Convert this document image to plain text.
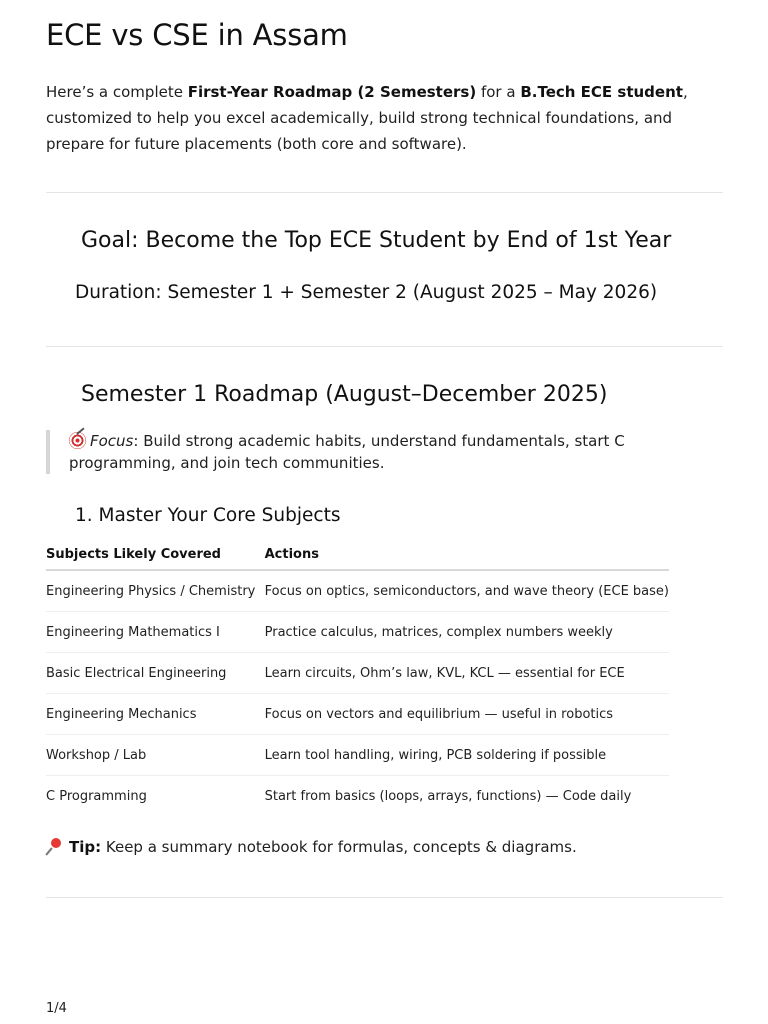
ECE vs CSE in Assam

Here’s a complete First-Year Roadmap (2 Semesters) for a B.Tech ECE student, customized to help you excel academically, build strong technical foundations, and prepare for future placements (both core and software).

Goal: Become the Top ECE Student by End of 1st Year
Duration: Semester 1 + Semester 2 (August 2025 – May 2026)
Semester 1 Roadmap (August–December 2025)
Focus: Build strong academic habits, understand fundamentals, start C programming, and join tech communities.
1. Master Your Core Subjects
Subjects Likely Covered	Actions
Engineering Physics / Chemistry	Focus on optics, semiconductors, and wave theory (ECE base)
Engineering Mathematics I	Practice calculus, matrices, complex numbers weekly
Basic Electrical Engineering	Learn circuits, Ohm’s law, KVL, KCL — essential for ECE
Engineering Mechanics	Focus on vectors and equilibrium — useful in robotics
Workshop / Lab	Learn tool handling, wiring, PCB soldering if possible
C Programming	Start from basics (loops, arrays, functions) — Code daily
Tip: Keep a summary notebook for formulas, concepts & diagrams.
1/4
